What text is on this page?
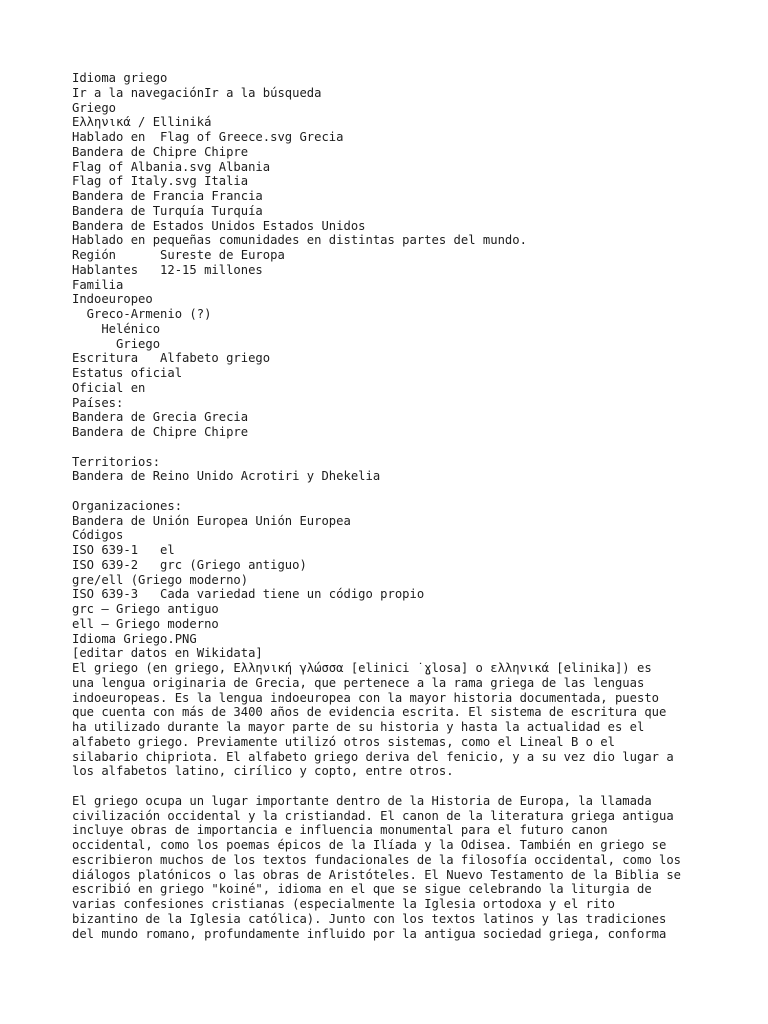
Idioma griego
Ir a la navegaciónIr a la búsqueda
Griego
Ελληνικά / Elliniká
Hablado en  Flag of Greece.svg Grecia
Bandera de Chipre Chipre
Flag of Albania.svg Albania
Flag of Italy.svg Italia
Bandera de Francia Francia
Bandera de Turquía Turquía
Bandera de Estados Unidos Estados Unidos
Hablado en pequeñas comunidades en distintas partes del mundo.
Región      Sureste de Europa
Hablantes   12-15 millones
Familia
Indoeuropeo
Greco-Armenio (?)
Helénico
Griego
Escritura   Alfabeto griego
Estatus oficial
Oficial en
Países:
Bandera de Grecia Grecia
Bandera de Chipre Chipre
Territorios:
Bandera de Reino Unido Acrotiri y Dhekelia
Organizaciones:
Bandera de Unión Europea Unión Europea
Códigos
ISO 639-1   el
ISO 639-2   grc (Griego antiguo)
gre/ell (Griego moderno)
ISO 639-3   Cada variedad tiene un código propio
grc – Griego antiguo
ell – Griego moderno
Idioma Griego.PNG
[editar datos en Wikidata]
El griego (en griego, Ελληνική γλώσσα [elini̇ci ̇ ɣlosa] o ελληνικά [elini̇ka]) es
una lengua originaria de Grecia, que pertenece a la rama griega de las lenguas
indoeuropeas. Es la lengua indoeuropea con la mayor historia documentada, puesto
que cuenta con más de 3400 años de evidencia escrita. El sistema de escritura que
ha utilizado durante la mayor parte de su historia y hasta la actualidad es el
alfabeto griego. Previamente utilizó otros sistemas, como el Lineal B o el
silabario chipriota. El alfabeto griego deriva del fenicio, y a su vez dio lugar a
los alfabetos latino, cirílico y copto, entre otros.
El griego ocupa un lugar importante dentro de la Historia de Europa, la llamada
civilización occidental y la cristiandad. El canon de la literatura griega antigua
incluye obras de importancia e influencia monumental para el futuro canon
occidental, como los poemas épicos de la Ilíada y la Odisea. También en griego se
escribieron muchos de los textos fundacionales de la filosofía occidental, como los
diálogos platónicos o las obras de Aristóteles. El Nuevo Testamento de la Biblia se
escribió en griego "koiné", idioma en el que se sigue celebrando la liturgia de
varias confesiones cristianas (especialmente la Iglesia ortodoxa y el rito
bizantino de la Iglesia católica). Junto con los textos latinos y las tradiciones
del mundo romano, profundamente influido por la antigua sociedad griega, conforma
